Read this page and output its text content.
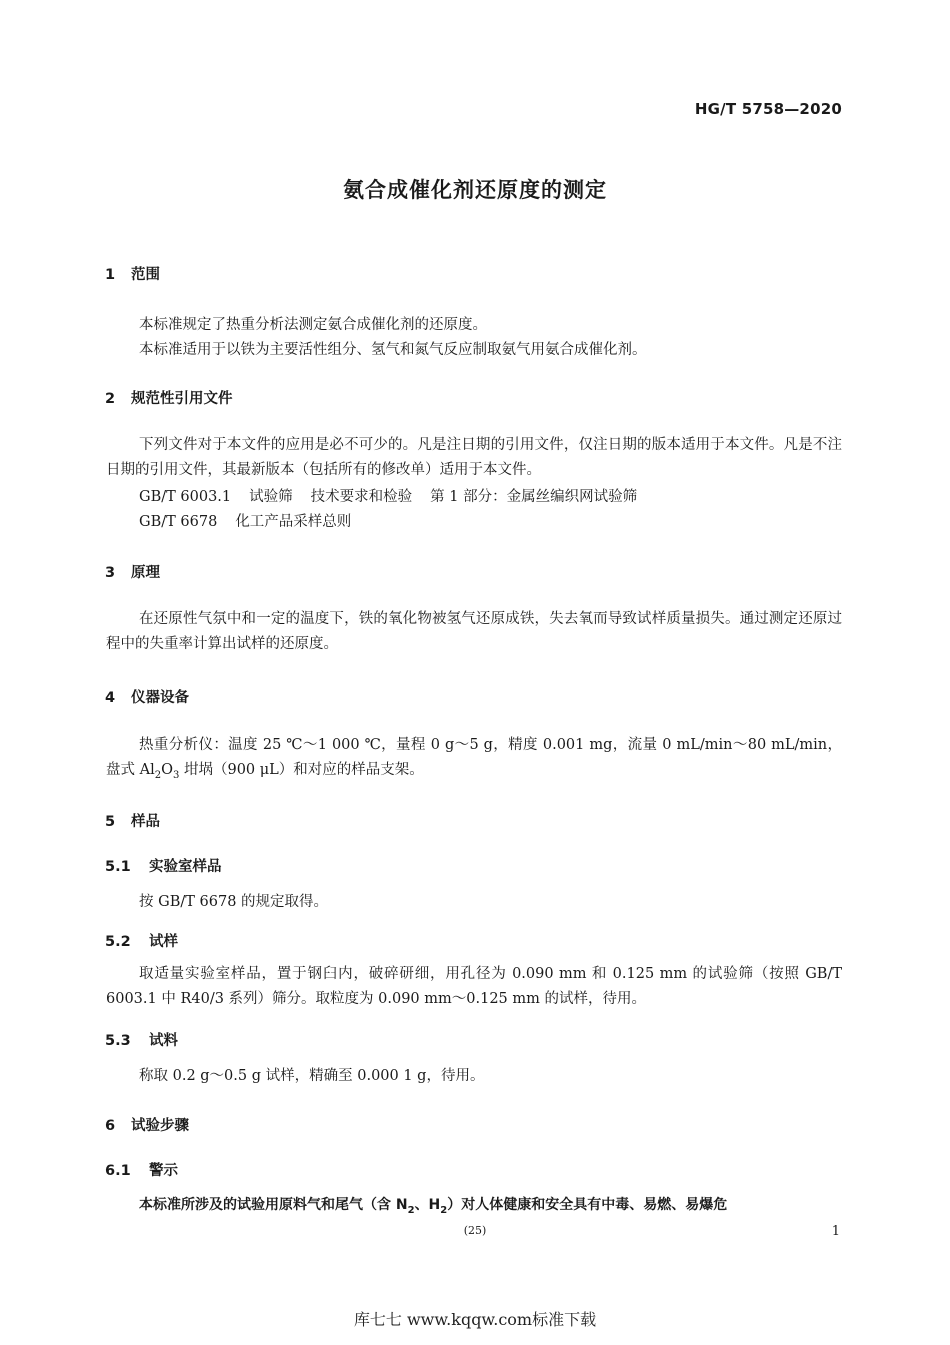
HG/T 5758—2020
氨合成催化剂还原度的测定
1 范围
本标准规定了热重分析法测定氨合成催化剂的还原度。
本标准适用于以铁为主要活性组分、氢气和氮气反应制取氨气用氨合成催化剂。
2 规范性引用文件
下列文件对于本文件的应用是必不可少的。凡是注日期的引用文件，仅注日期的版本适用于本文件。凡是不注日期的引用文件，其最新版本（包括所有的修改单）适用于本文件。
GB/T 6003.1 试验筛 技术要求和检验 第 1 部分：金属丝编织网试验筛
GB/T 6678 化工产品采样总则
3 原理
在还原性气氛中和一定的温度下，铁的氧化物被氢气还原成铁，失去氧而导致试样质量损失。通过测定还原过程中的失重率计算出试样的还原度。
4 仪器设备
热重分析仪：温度 25 ℃～1 000 ℃，量程 0 g～5 g，精度 0.001 mg，流量 0 mL/min～80 mL/min，盘式 $Al_2O_3$ 坩埚（900 μL）和对应的样品支架。
5 样品
5.1 实验室样品
按 GB/T 6678 的规定取得。
5.2 试样
取适量实验室样品，置于钢臼内，破碎研细，用孔径为 0.090 mm 和 0.125 mm 的试验筛（按照 GB/T 6003.1 中 R40/3 系列）筛分。取粒度为 0.090 mm～0.125 mm 的试样，待用。
5.3 试料
称取 0.2 g～0.5 g 试样，精确至 0.000 1 g，待用。
6 试验步骤
6.1 警示
本标准所涉及的试验用原料气和尾气（含 $N_2$、$H_2$）对人体健康和安全具有中毒、易燃、易爆危
(25)	1
库七七 www.kqqw.com标准下载
